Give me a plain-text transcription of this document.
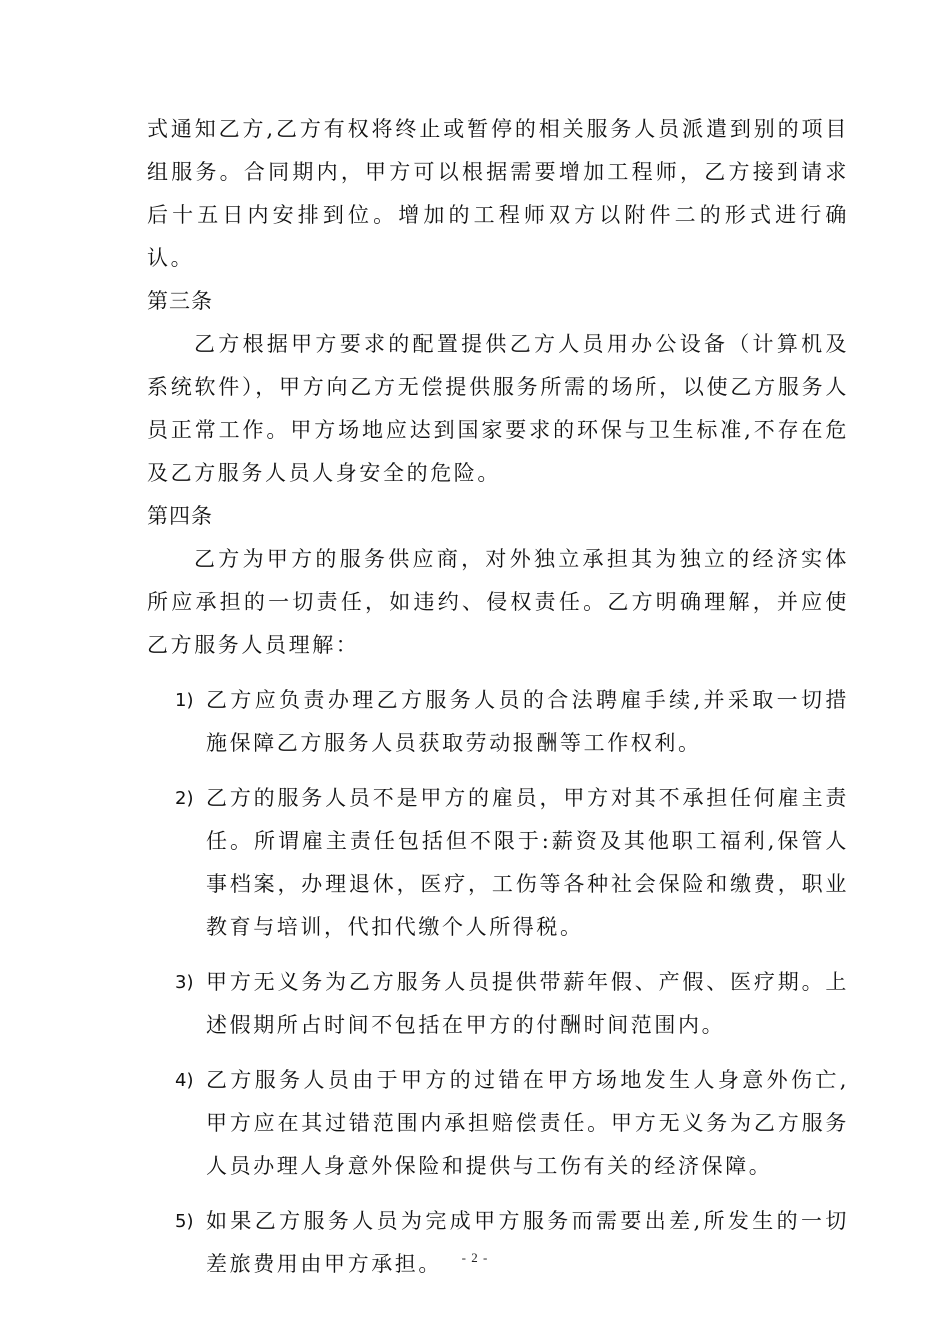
式通知乙方,乙方有权将终止或暂停的相关服务人员派遣到别的项目组服务。合同期内，甲方可以根据需要增加工程师，乙方接到请求后十五日内安排到位。增加的工程师双方以附件二的形式进行确认。

第三条

乙方根据甲方要求的配置提供乙方人员用办公设备（计算机及系统软件），甲方向乙方无偿提供服务所需的场所，以使乙方服务人员正常工作。甲方场地应达到国家要求的环保与卫生标准,不存在危及乙方服务人员人身安全的危险。

第四条

乙方为甲方的服务供应商，对外独立承担其为独立的经济实体所应承担的一切责任，如违约、侵权责任。乙方明确理解，并应使乙方服务人员理解：

1) 乙方应负责办理乙方服务人员的合法聘雇手续,并采取一切措施保障乙方服务人员获取劳动报酬等工作权利。
2) 乙方的服务人员不是甲方的雇员，甲方对其不承担任何雇主责任。所谓雇主责任包括但不限于:薪资及其他职工福利,保管人事档案，办理退休，医疗，工伤等各种社会保险和缴费，职业教育与培训，代扣代缴个人所得税。
3) 甲方无义务为乙方服务人员提供带薪年假、产假、医疗期。上述假期所占时间不包括在甲方的付酬时间范围内。
4) 乙方服务人员由于甲方的过错在甲方场地发生人身意外伤亡,甲方应在其过错范围内承担赔偿责任。甲方无义务为乙方服务人员办理人身意外保险和提供与工伤有关的经济保障。
5) 如果乙方服务人员为完成甲方服务而需要出差,所发生的一切差旅费用由甲方承担。	- 2 -
